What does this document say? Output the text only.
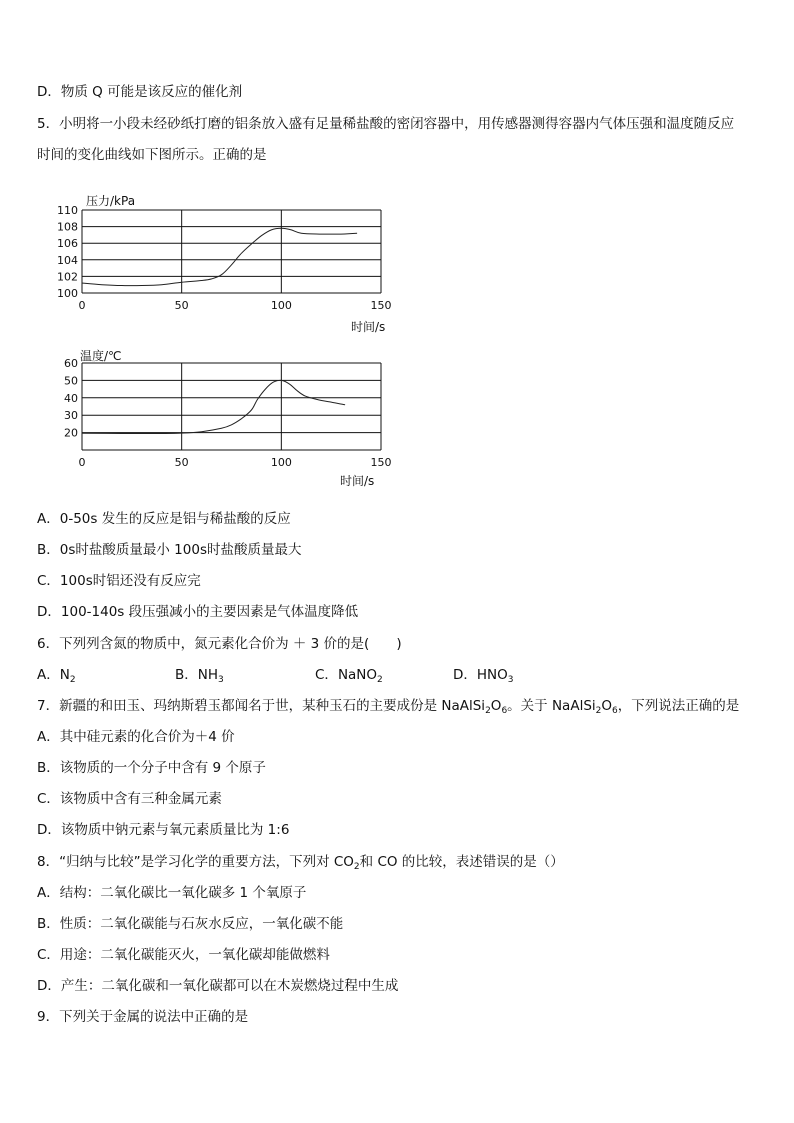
D．物质 Q 可能是该反应的催化剂
5．小明将一小段未经砂纸打磨的铝条放入盛有足量稀盐酸的密闭容器中，用传感器测得容器内气体压强和温度随反应
时间的变化曲线如下图所示。正确的是
压力/kPa
100
102
104
106
108
110
0	50	100	150
时间/s
温度/℃
20
30
40
50
60
0	50	100	150
时间/s
A．0-50s 发生的反应是铝与稀盐酸的反应
B．0s时盐酸质量最小 100s时盐酸质量最大
C．100s时铝还没有反应完
D．100-140s 段压强减小的主要因素是气体温度降低
6．下列列含氮的物质中，氮元素化合价为 ＋ 3 价的是(　　)
A．$N_2$	B．$NH_3$	C．NaNO$_2$	D．$HNO_3$
7．新疆的和田玉、玛纳斯碧玉都闻名于世，某种玉石的主要成份是 $NaAlSi_2O_6$。关于 $NaAlSi_2O_6$，下列说法正确的是
A．其中硅元素的化合价为＋4 价
B．该物质的一个分子中含有 9 个原子
C．该物质中含有三种金属元素
D．该物质中钠元素与氧元素质量比为 1:6
8．“归纳与比较”是学习化学的重要方法，下列对 $CO_2$和 CO 的比较，表述错误的是（）
A．结构：二氧化碳比一氧化碳多 1 个氧原子
B．性质：二氧化碳能与石灰水反应，一氧化碳不能
C．用途：二氧化碳能灭火，一氧化碳却能做燃料
D．产生：二氧化碳和一氧化碳都可以在木炭燃烧过程中生成
9．下列关于金属的说法中正确的是
